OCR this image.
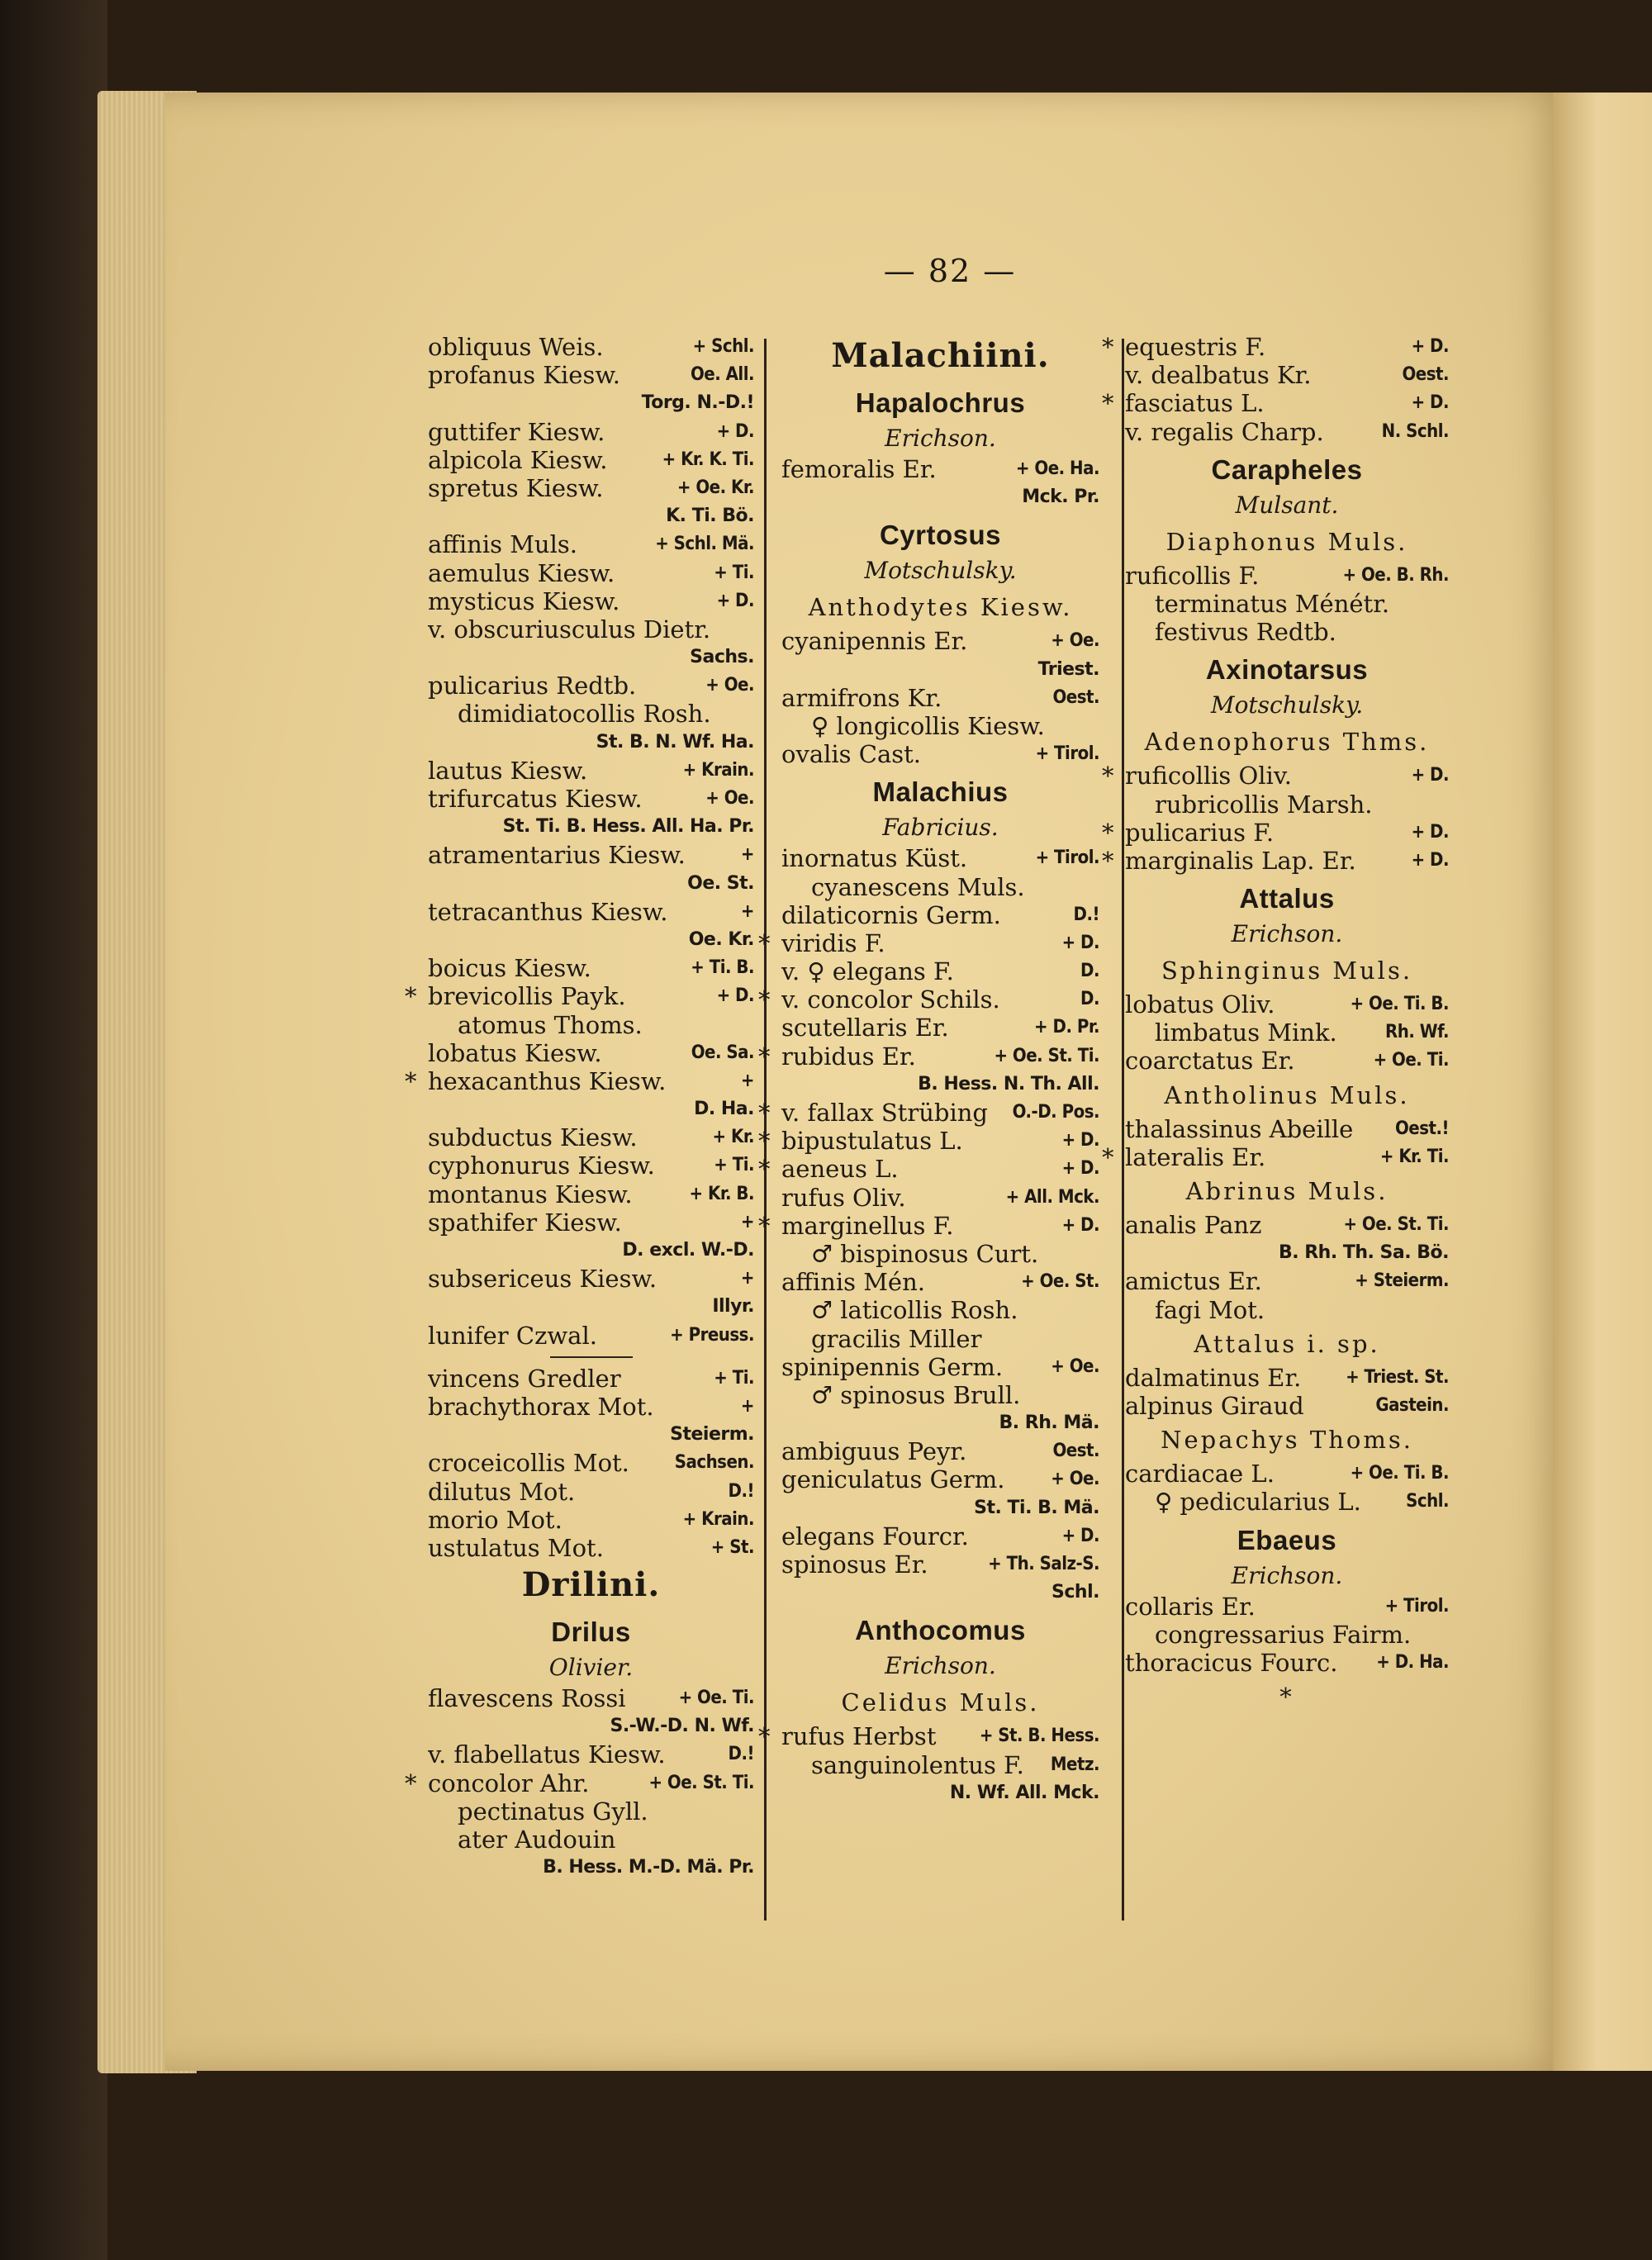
— 82 —
obliquus Weis.	+ Schl.
profanus Kiesw.	Oe. All.
Torg. N.-D.!
guttifer Kiesw.	+ D.
alpicola Kiesw.	+ Kr. K. Ti.
spretus Kiesw.	+ Oe. Kr.
K. Ti. Bö.
affinis Muls.	+ Schl. Mä.
aemulus Kiesw.	+ Ti.
mysticus Kiesw.	+ D.
v. obscuriusculus Dietr.
Sachs.
pulicarius Redtb.	+ Oe.
dimidiatocollis Rosh.
St. B. N. Wf. Ha.
lautus Kiesw.	+ Krain.
trifurcatus Kiesw.	+ Oe.
St. Ti. B. Hess. All. Ha. Pr.
atramentarius Kiesw.	+
Oe. St.
tetracanthus Kiesw.	+
Oe. Kr.
boicus Kiesw.	+ Ti. B.
* brevicollis Payk.	+ D.
atomus Thoms.
lobatus Kiesw.	Oe. Sa.
* hexacanthus Kiesw.	+
D. Ha.
subductus Kiesw.	+ Kr.
cyphonurus Kiesw.	+ Ti.
montanus Kiesw.	+ Kr. B.
spathifer Kiesw.	+
D. excl. W.-D.
subsericeus Kiesw.	+
Illyr.
lunifer Czwal.	+ Preuss.
vincens Gredler	+ Ti.
brachythorax Mot.	+
Steierm.
croceicollis Mot. Sachsen.
dilutus Mot.	D.!
morio Mot.	+ Krain.
ustulatus Mot.	+ St.
Drilini.
Drilus
Olivier.
flavescens Rossi	+ Oe. Ti.
S.-W.-D. N. Wf.
v. flabellatus Kiesw.	D.!
* concolor Ahr.	+ Oe. St. Ti.
pectinatus Gyll.
ater Audouin
B. Hess. M.-D. Mä. Pr.
Malachiini.
Hapalochrus
Erichson.
femoralis Er.	+ Oe. Ha.
Mck. Pr.
Cyrtosus
Motschulsky.
Anthodytes Kiesw.
cyanipennis Er.	+ Oe.
Triest.
armifrons Kr.	Oest.
♀ longicollis Kiesw.
ovalis Cast.	+ Tirol.
Malachius
Fabricius.
inornatus Küst.	+ Tirol.
cyanescens Muls.
dilaticornis Germ.	D.!
* viridis F.	+ D.
v. ♀ elegans F.	D.
* v. concolor Schils.	D.
scutellaris Er.	+ D. Pr.
* rubidus Er.	+ Oe. St. Ti.
B. Hess. N. Th. All.
* v. fallax Strübing O.-D. Pos.
* bipustulatus L.	+ D.
* aeneus L.	+ D.
rufus Oliv.	+ All. Mck.
* marginellus F.	+ D.
♂ bispinosus Curt.
affinis Mén.	+ Oe. St.
♂ laticollis Rosh.
gracilis Miller
spinipennis Germ.	+ Oe.
♂ spinosus Brull.
B. Rh. Mä.
ambiguus Peyr.	Oest.
geniculatus Germ.	+ Oe.
St. Ti. B. Mä.
elegans Fourcr.	+ D.
spinosus Er.	+ Th. Salz-S.
Schl.
Anthocomus
Erichson.
Celidus Muls.
* rufus Herbst + St. B. Hess.
sanguinolentus F. Metz.
N. Wf. All. Mck.
* equestris F.	+ D.
v. dealbatus Kr.	Oest.
* fasciatus L.	+ D.
v. regalis Charp.	N. Schl.
Carapheles
Mulsant.
Diaphonus Muls.
ruficollis F.	+ Oe. B. Rh.
terminatus Ménétr.
festivus Redtb.
Axinotarsus
Motschulsky.
Adenophorus Thms.
* ruficollis Oliv.	+ D.
rubricollis Marsh.
* pulicarius F.	+ D.
* marginalis Lap. Er.	+ D.
Attalus
Erichson.
Sphinginus Muls.
lobatus Oliv.	+ Oe. Ti. B.
limbatus Mink.	Rh. Wf.
coarctatus Er.	+ Oe. Ti.
Antholinus Muls.
thalassinus Abeille Oest.!
* lateralis Er.	+ Kr. Ti.
Abrinus Muls.
analis Panz	+ Oe. St. Ti.
B. Rh. Th. Sa. Bö.
amictus Er.	+ Steierm.
fagi Mot.
Attalus i. sp.
dalmatinus Er. + Triest. St.
alpinus Giraud	Gastein.
Nepachys Thoms.
cardiacae L.	+ Oe. Ti. B.
♀ pedicularius L. Schl.
Ebaeus
Erichson.
collaris Er.	+ Tirol.
congressarius Fairm.
thoracicus Fourc. + D. Ha.
*
